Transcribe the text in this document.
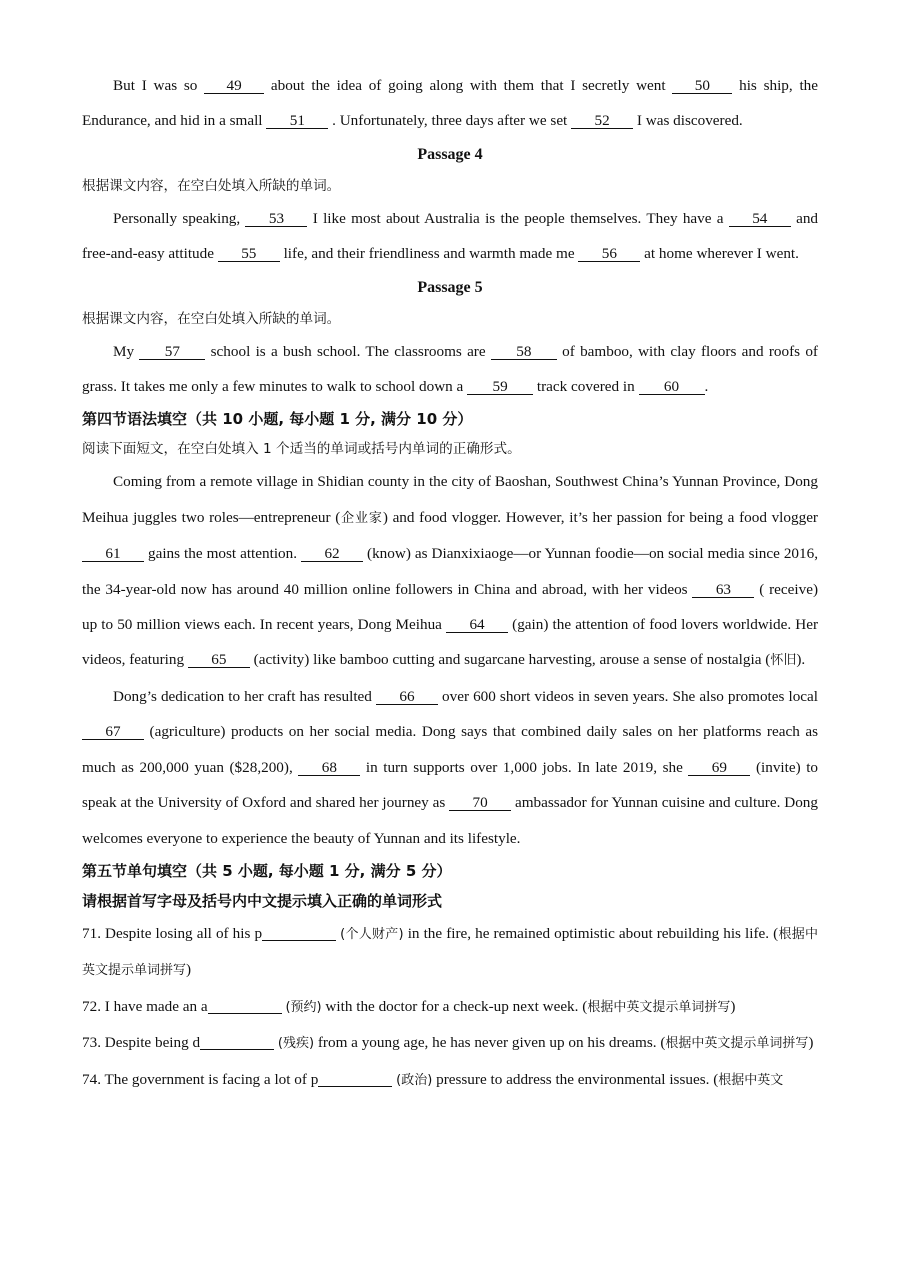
But I was so 49 about the idea of going along with them that I secretly went 50 his ship, the Endurance, and hid in a small 51 . Unfortunately, three days after we set 52 I was discovered.

Passage 4

根据课文内容，在空白处填入所缺的单词。

Personally speaking, 53 I like most about Australia is the people themselves. They have a 54 and free-and-easy attitude 55 life, and their friendliness and warmth made me 56 at home wherever I went.

Passage 5

根据课文内容，在空白处填入所缺的单词。

My 57 school is a bush school. The classrooms are 58 of bamboo, with clay floors and roofs of grass. It takes me only a few minutes to walk to school down a 59 track covered in 60 .

第四节语法填空（共 10 小题, 每小题 1 分, 满分 10 分）

阅读下面短文，在空白处填入 1 个适当的单词或括号内单词的正确形式。

Coming from a remote village in Shidian county in the city of Baoshan, Southwest China’s Yunnan Province, Dong Meihua juggles two roles—entrepreneur (企业家) and food vlogger. However, it’s her passion for being a food vlogger 61 gains the most attention. 62 (know) as Dianxixiaoge—or Yunnan foodie—on social media since 2016, the 34-year-old now has around 40 million online followers in China and abroad, with her videos 63 ( receive) up to 50 million views each. In recent years, Dong Meihua 64 (gain) the attention of food lovers worldwide. Her videos, featuring 65 (activity) like bamboo cutting and sugarcane harvesting, arouse a sense of nostalgia (怀旧).

Dong’s dedication to her craft has resulted 66 over 600 short videos in seven years. She also promotes local 67 (agriculture) products on her social media. Dong says that combined daily sales on her platforms reach as much as 200,000 yuan ($28,200), 68 in turn supports over 1,000 jobs. In late 2019, she 69 (invite) to speak at the University of Oxford and shared her journey as 70 ambassador for Yunnan cuisine and culture. Dong welcomes everyone to experience the beauty of Yunnan and its lifestyle.

第五节单句填空（共 5 小题, 每小题 1 分, 满分 5 分）

请根据首写字母及括号内中文提示填入正确的单词形式

71. Despite losing all of his p	(个人财产) in the fire, he remained optimistic about rebuilding his life. (根据中英文提示单词拼写)

72. I have made an a	(预约) with the doctor for a check-up next week. (根据中英文提示单词拼写)

73. Despite being d	(残疾) from a young age, he has never given up on his dreams. (根据中英文提示单词拼写)

74. The government is facing a lot of p	(政治) pressure to address the environmental issues. (根据中英文
